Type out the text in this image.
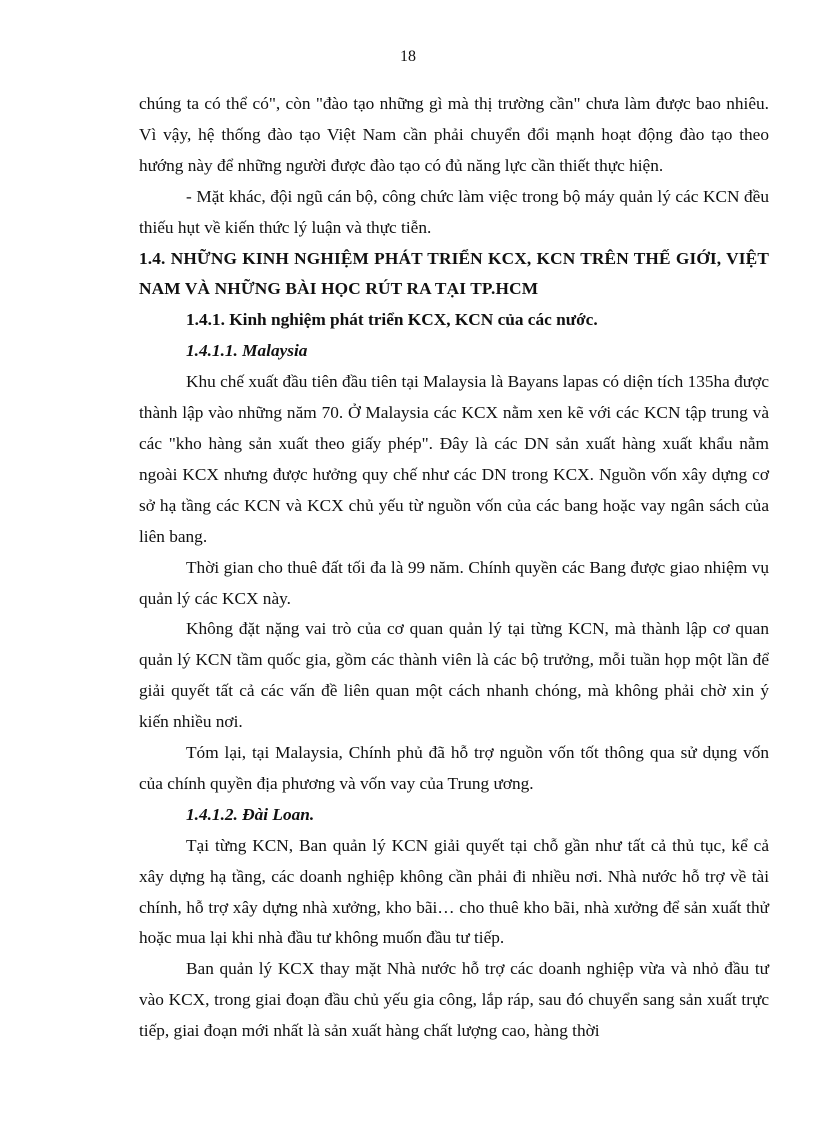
18

chúng ta có thể có", còn "đào tạo những gì mà thị trường cần" chưa làm được bao nhiêu. Vì vậy, hệ thống đào tạo Việt Nam cần phải chuyển đổi mạnh hoạt động đào tạo theo hướng này để những người được đào tạo có đủ năng lực cần thiết thực hiện.

- Mặt khác, đội ngũ cán bộ, công chức làm việc trong bộ máy quản lý các KCN đều thiếu hụt về kiến thức lý luận và thực tiễn.

1.4. NHỮNG KINH NGHIỆM PHÁT TRIỂN KCX, KCN TRÊN THẾ GIỚI, VIỆT NAM VÀ NHỮNG BÀI HỌC RÚT RA TẠI TP.HCM

1.4.1. Kinh nghiệm phát triển KCX, KCN của các nước.

1.4.1.1. Malaysia

Khu chế xuất đầu tiên đầu tiên tại Malaysia là Bayans lapas có diện tích 135ha được thành lập vào những năm 70. Ở Malaysia các KCX nằm xen kẽ với các KCN tập trung và các "kho hàng sản xuất theo giấy phép". Đây là các DN sản xuất hàng xuất khẩu nằm ngoài KCX nhưng được hưởng quy chế như các DN trong KCX. Nguồn vốn xây dựng cơ sở hạ tầng các KCN và KCX chủ yếu từ nguồn vốn của các bang hoặc vay ngân sách của liên bang.

Thời gian cho thuê đất tối đa là 99 năm. Chính quyền các Bang được giao nhiệm vụ quản lý các KCX này.

Không đặt nặng vai trò của cơ quan quản lý tại từng KCN, mà thành lập cơ quan quản lý KCN tầm quốc gia, gồm các thành viên là các bộ trưởng, mỗi tuần họp một lần để giải quyết tất cả các vấn đề liên quan một cách nhanh chóng, mà không phải chờ xin ý kiến nhiều nơi.

Tóm lại, tại Malaysia, Chính phủ đã hỗ trợ nguồn vốn tốt thông qua sử dụng vốn của chính quyền địa phương và vốn vay của Trung ương.

1.4.1.2. Đài Loan.

Tại từng KCN, Ban quản lý KCN giải quyết tại chỗ gần như tất cả thủ tục, kể cả xây dựng hạ tầng, các doanh nghiệp không cần phải đi nhiều nơi. Nhà nước hỗ trợ về tài chính, hỗ trợ xây dựng nhà xưởng, kho bãi… cho thuê kho bãi, nhà xưởng để sản xuất thử hoặc mua lại khi nhà đầu tư không muốn đầu tư tiếp.

Ban quản lý KCX thay mặt Nhà nước hỗ trợ các doanh nghiệp vừa và nhỏ đầu tư vào KCX, trong giai đoạn đầu chủ yếu gia công, lắp ráp, sau đó chuyển sang sản xuất trực tiếp, giai đoạn mới nhất là sản xuất hàng chất lượng cao, hàng thời
